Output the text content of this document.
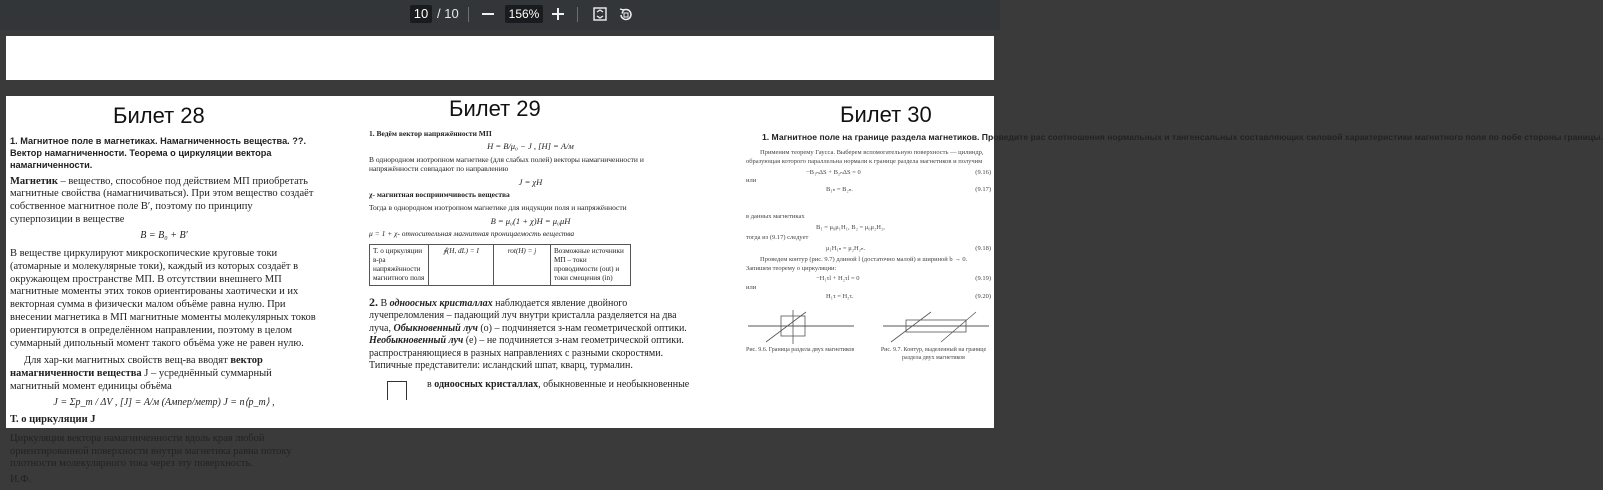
10 / 10	156%
Билет 28
1. Магнитное поле в магнетиках. Намагниченность вещества. ??. Вектор намагниченности. Теорема о циркуляции вектора намагниченности.

Магнетик – вещество, способное под действием МП приобретать магнитные свойства (намагничиваться). При этом вещество создаёт собственное магнитное поле B′, поэтому по принципу суперпозиции в веществе

B = B₀ + B′

В веществе циркулируют микроскопические круговые токи (атомарные и молекулярные токи), каждый из которых создаёт в окружающем пространстве МП. В отсутствии внешнего МП магнитные моменты этих токов ориентированы хаотически и их векторная сумма в физически малом объёме равна нулю. При внесении магнетика в МП магнитные моменты молекулярных токов ориентируются в определённом направлении, поэтому в целом суммарный дипольный момент такого объёма уже не равен нулю.

Для хар-ки магнитных свойств вещ-ва вводят вектор намагниченности вещества J – усреднённый суммарный магнитный момент единицы объёма

J = Σp_m / ΔV , [J] = А/м (Ампер/метр) J = n⟨p_m⟩ ,
Т. о циркуляции J

Циркуляция вектора намагниченности вдоль края любой ориентированной поверхности внутри магнетика равна потоку плотности молекулярного тока через эту поверхность.

И.Ф.

Билет 29
1. Ведём вектор напряжённости МП
H = B/μ₀ − J , [H] = А/м

В однородном изотропном магнетике (для слабых полей) векторы намагниченности и напряжённости совпадают по направлению

J = χH

χ- магнитная восприимчивость вещества

Тогда в однородном изотропном магнетике для индукции поля и напряжённости

B = μ₀(1 + χ)H = μ₀μH

μ = 1 + χ- относительная магнитная проницаемость вещества

Т. о циркуляции в-ра напряжённости магнитного поля	∮(H, dL) = I	rot(H) = j	Возможные источники МП – токи проводимости (out) и токи смещения (in)

2. В одноосных кристаллах наблюдается явление двойного лучепреломления – падающий луч внутри кристалла разделяется на два луча, Обыкновенный луч (o) – подчиняется з-нам геометрической оптики. Необыкновенный луч (e) – не подчиняется з-нам геометрической оптики. распространяющиеся в разных направлениях с разными скоростями. Типичные представители: исландский шпат, кварц, турмалин.

в одноосных кристаллах, обыкновенные и необыкновенные
Билет 30
1. Магнитное поле на границе раздела магнетиков. Проведите рас соотношения нормальных и тангенсальных составляющих силовой характеристики магнитного поля по побе стороны границы.
Применим теорему Гаусса. Выберем вспомогательную поверхность — цилиндр, образующая которого параллельна нормали к границе раздела магнетиков и получим
−B₁ₙΔS + B₂ₙΔS = 0	(9.16)
или
B₁ₙ = B₂ₙ.	(9.17)
в данных магнетиках
B₁ = μ₀μ₁H₁, B₂ = μ₀μ₂H₂,
тогда из (9.17) следует
μ₁H₁ₙ = μ₂H₂ₙ.	(9.18)
Проведем контур (рис. 9.7) длиной l (достаточно малой) и шириной b → 0. Запишем теорему о циркуляции:
−H₁τl + H₂τl = 0	(9.19)
или
H₁τ = H₂τ.	(9.20)
Рис. 9.6. Граница раздела двух магнетиков	Рис. 9.7. Контур, выделенный на границе раздела двух магнетиков
